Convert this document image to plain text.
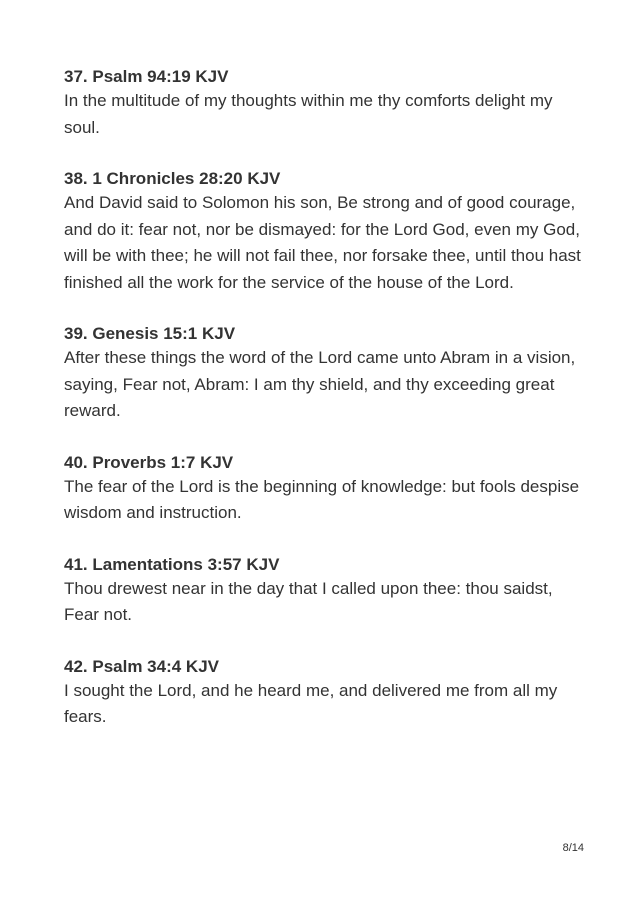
37. Psalm 94:19 KJV

In the multitude of my thoughts within me thy comforts delight my soul.

38. 1 Chronicles 28:20 KJV

And David said to Solomon his son, Be strong and of good courage, and do it: fear not, nor be dismayed: for the Lord God, even my God, will be with thee; he will not fail thee, nor forsake thee, until thou hast finished all the work for the service of the house of the Lord.

39. Genesis 15:1 KJV

After these things the word of the Lord came unto Abram in a vision, saying, Fear not, Abram: I am thy shield, and thy exceeding great reward.

40. Proverbs 1:7 KJV

The fear of the Lord is the beginning of knowledge: but fools despise wisdom and instruction.

41. Lamentations 3:57 KJV

Thou drewest near in the day that I called upon thee: thou saidst, Fear not.

42. Psalm 34:4 KJV

I sought the Lord, and he heard me, and delivered me from all my fears.

8/14
